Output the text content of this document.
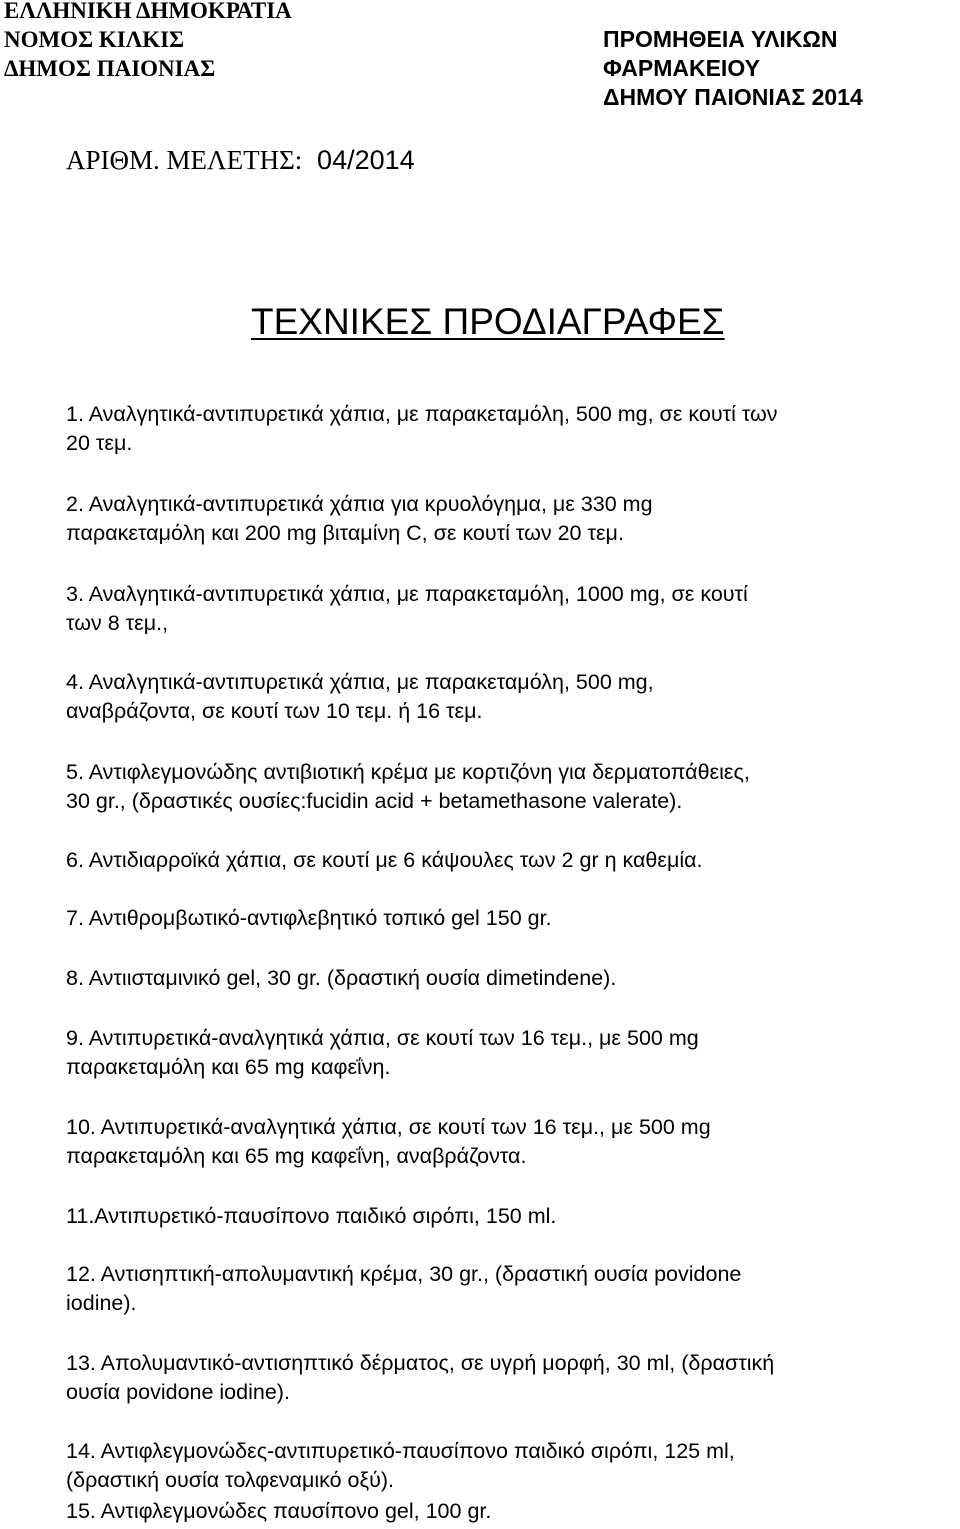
ΕΛΛΗΝΙΚΗ ΔΗΜΟΚΡΑΤΙΑ
ΝΟΜΟΣ ΚΙΛΚΙΣ
ΔΗΜΟΣ ΠΑΙΟΝΙΑΣ
ΠΡΟΜΗΘΕΙΑ ΥΛΙΚΩΝ
ΦΑΡΜΑΚΕΙΟΥ
ΔΗΜΟΥ ΠΑΙΟΝΙΑΣ 2014
ΑΡΙΘΜ. ΜΕΛΕΤΗΣ: 04/2014
ΤΕΧΝΙΚΕΣ ΠΡΟΔΙΑΓΡΑΦΕΣ
1. Αναλγητικά-αντιπυρετικά χάπια, με παρακεταμόλη, 500 mg, σε κουτί των
20 τεμ.
2. Αναλγητικά-αντιπυρετικά χάπια για κρυολόγημα, με 330 mg
παρακεταμόλη και 200 mg βιταμίνη C, σε κουτί των 20 τεμ.
3. Αναλγητικά-αντιπυρετικά χάπια, με παρακεταμόλη, 1000 mg, σε κουτί
των 8 τεμ.,
4. Αναλγητικά-αντιπυρετικά χάπια, με παρακεταμόλη, 500 mg,
αναβράζοντα, σε κουτί των 10 τεμ. ή 16 τεμ.
5. Αντιφλεγμονώδης αντιβιοτική κρέμα με κορτιζόνη για δερματοπάθειες,
30 gr., (δραστικές ουσίες:fucidin acid + betamethasone valerate).
6. Αντιδιαρροϊκά χάπια, σε κουτί με 6 κάψουλες των 2 gr η καθεμία.
7. Αντιθρομβωτικό-αντιφλεβητικό τοπικό gel 150 gr.
8. Αντιισταμινικό gel, 30 gr. (δραστική ουσία dimetindene).
9. Αντιπυρετικά-αναλγητικά χάπια, σε κουτί των 16 τεμ., με 500 mg
παρακεταμόλη και 65 mg καφεΐνη.
10. Αντιπυρετικά-αναλγητικά χάπια, σε κουτί των 16 τεμ., με 500 mg
παρακεταμόλη και 65 mg καφεΐνη, αναβράζοντα.
11.Αντιπυρετικό-παυσίπονο παιδικό σιρόπι, 150 ml.
12. Αντισηπτική-απολυμαντική κρέμα, 30 gr., (δραστική ουσία povidone
iodine).
13. Απολυμαντικό-αντισηπτικό δέρματος, σε υγρή μορφή, 30 ml, (δραστική
ουσία povidone iodine).
14. Αντιφλεγμονώδες-αντιπυρετικό-παυσίπονο παιδικό σιρόπι, 125 ml,
(δραστική ουσία τολφεναμικό οξύ).
15. Αντιφλεγμονώδες παυσίπονο gel, 100 gr.
